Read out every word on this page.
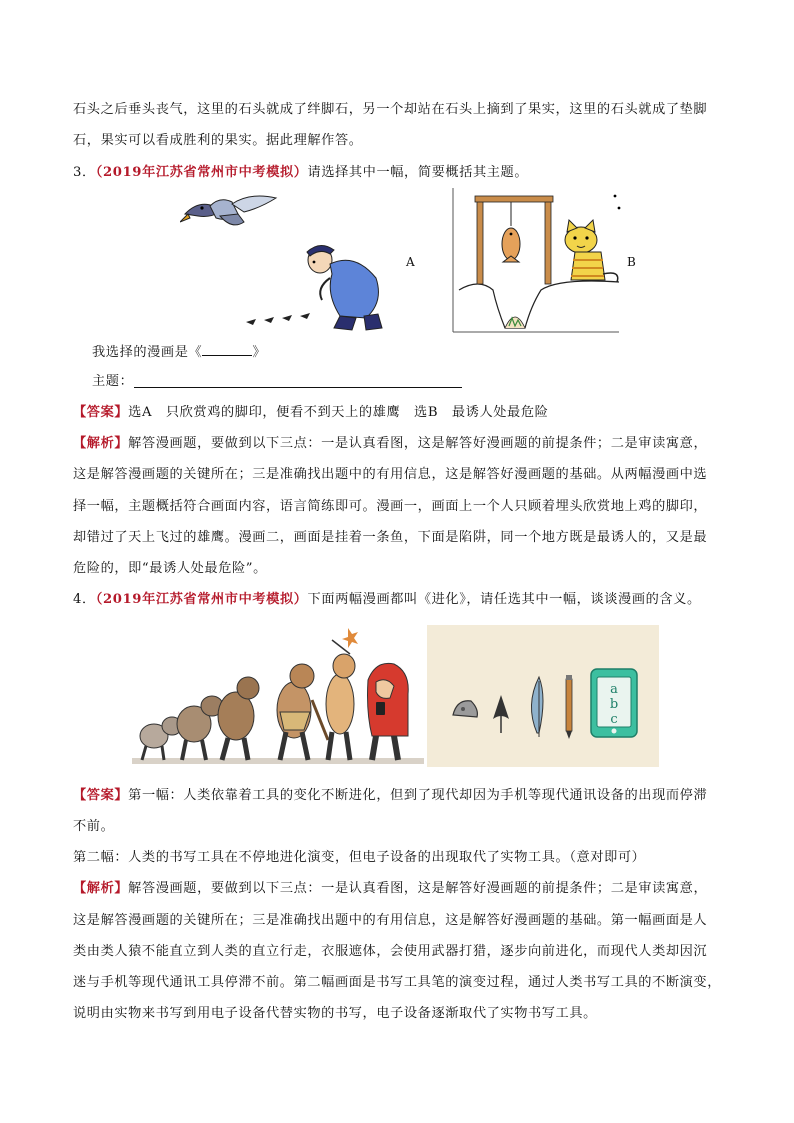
石头之后垂头丧气，这里的石头就成了绊脚石，另一个却站在石头上摘到了果实，这里的石头就成了垫脚
石，果实可以看成胜利的果实。据此理解作答。
3．（2019年江苏省常州市中考模拟）请选择其中一幅，简要概括其主题。
A	B
我选择的漫画是《	》
主题：
【答案】选A　只欣赏鸡的脚印，便看不到天上的雄鹰　选B　最诱人处最危险
【解析】解答漫画题，要做到以下三点：一是认真看图，这是解答好漫画题的前提条件；二是审读寓意，
这是解答漫画题的关键所在；三是准确找出题中的有用信息，这是解答好漫画题的基础。从两幅漫画中选
择一幅，主题概括符合画面内容，语言简练即可。漫画一，画面上一个人只顾着埋头欣赏地上鸡的脚印，
却错过了天上飞过的雄鹰。漫画二，画面是挂着一条鱼，下面是陷阱，同一个地方既是最诱人的，又是最
危险的，即“最诱人处最危险”。
4．（2019年江苏省常州市中考模拟）下面两幅漫画都叫《进化》，请任选其中一幅，谈谈漫画的含义。
a
b
c
【答案】第一幅：人类依靠着工具的变化不断进化，但到了现代却因为手机等现代通讯设备的出现而停滞
不前。
第二幅：人类的书写工具在不停地进化演变，但电子设备的出现取代了实物工具。（意对即可）
【解析】解答漫画题，要做到以下三点：一是认真看图，这是解答好漫画题的前提条件；二是审读寓意，
这是解答漫画题的关键所在；三是准确找出题中的有用信息，这是解答好漫画题的基础。第一幅画面是人
类由类人猿不能直立到人类的直立行走，衣服遮体，会使用武器打猎，逐步向前进化，而现代人类却因沉
迷与手机等现代通讯工具停滞不前。第二幅画面是书写工具笔的演变过程，通过人类书写工具的不断演变，
说明由实物来书写到用电子设备代替实物的书写，电子设备逐渐取代了实物书写工具。
